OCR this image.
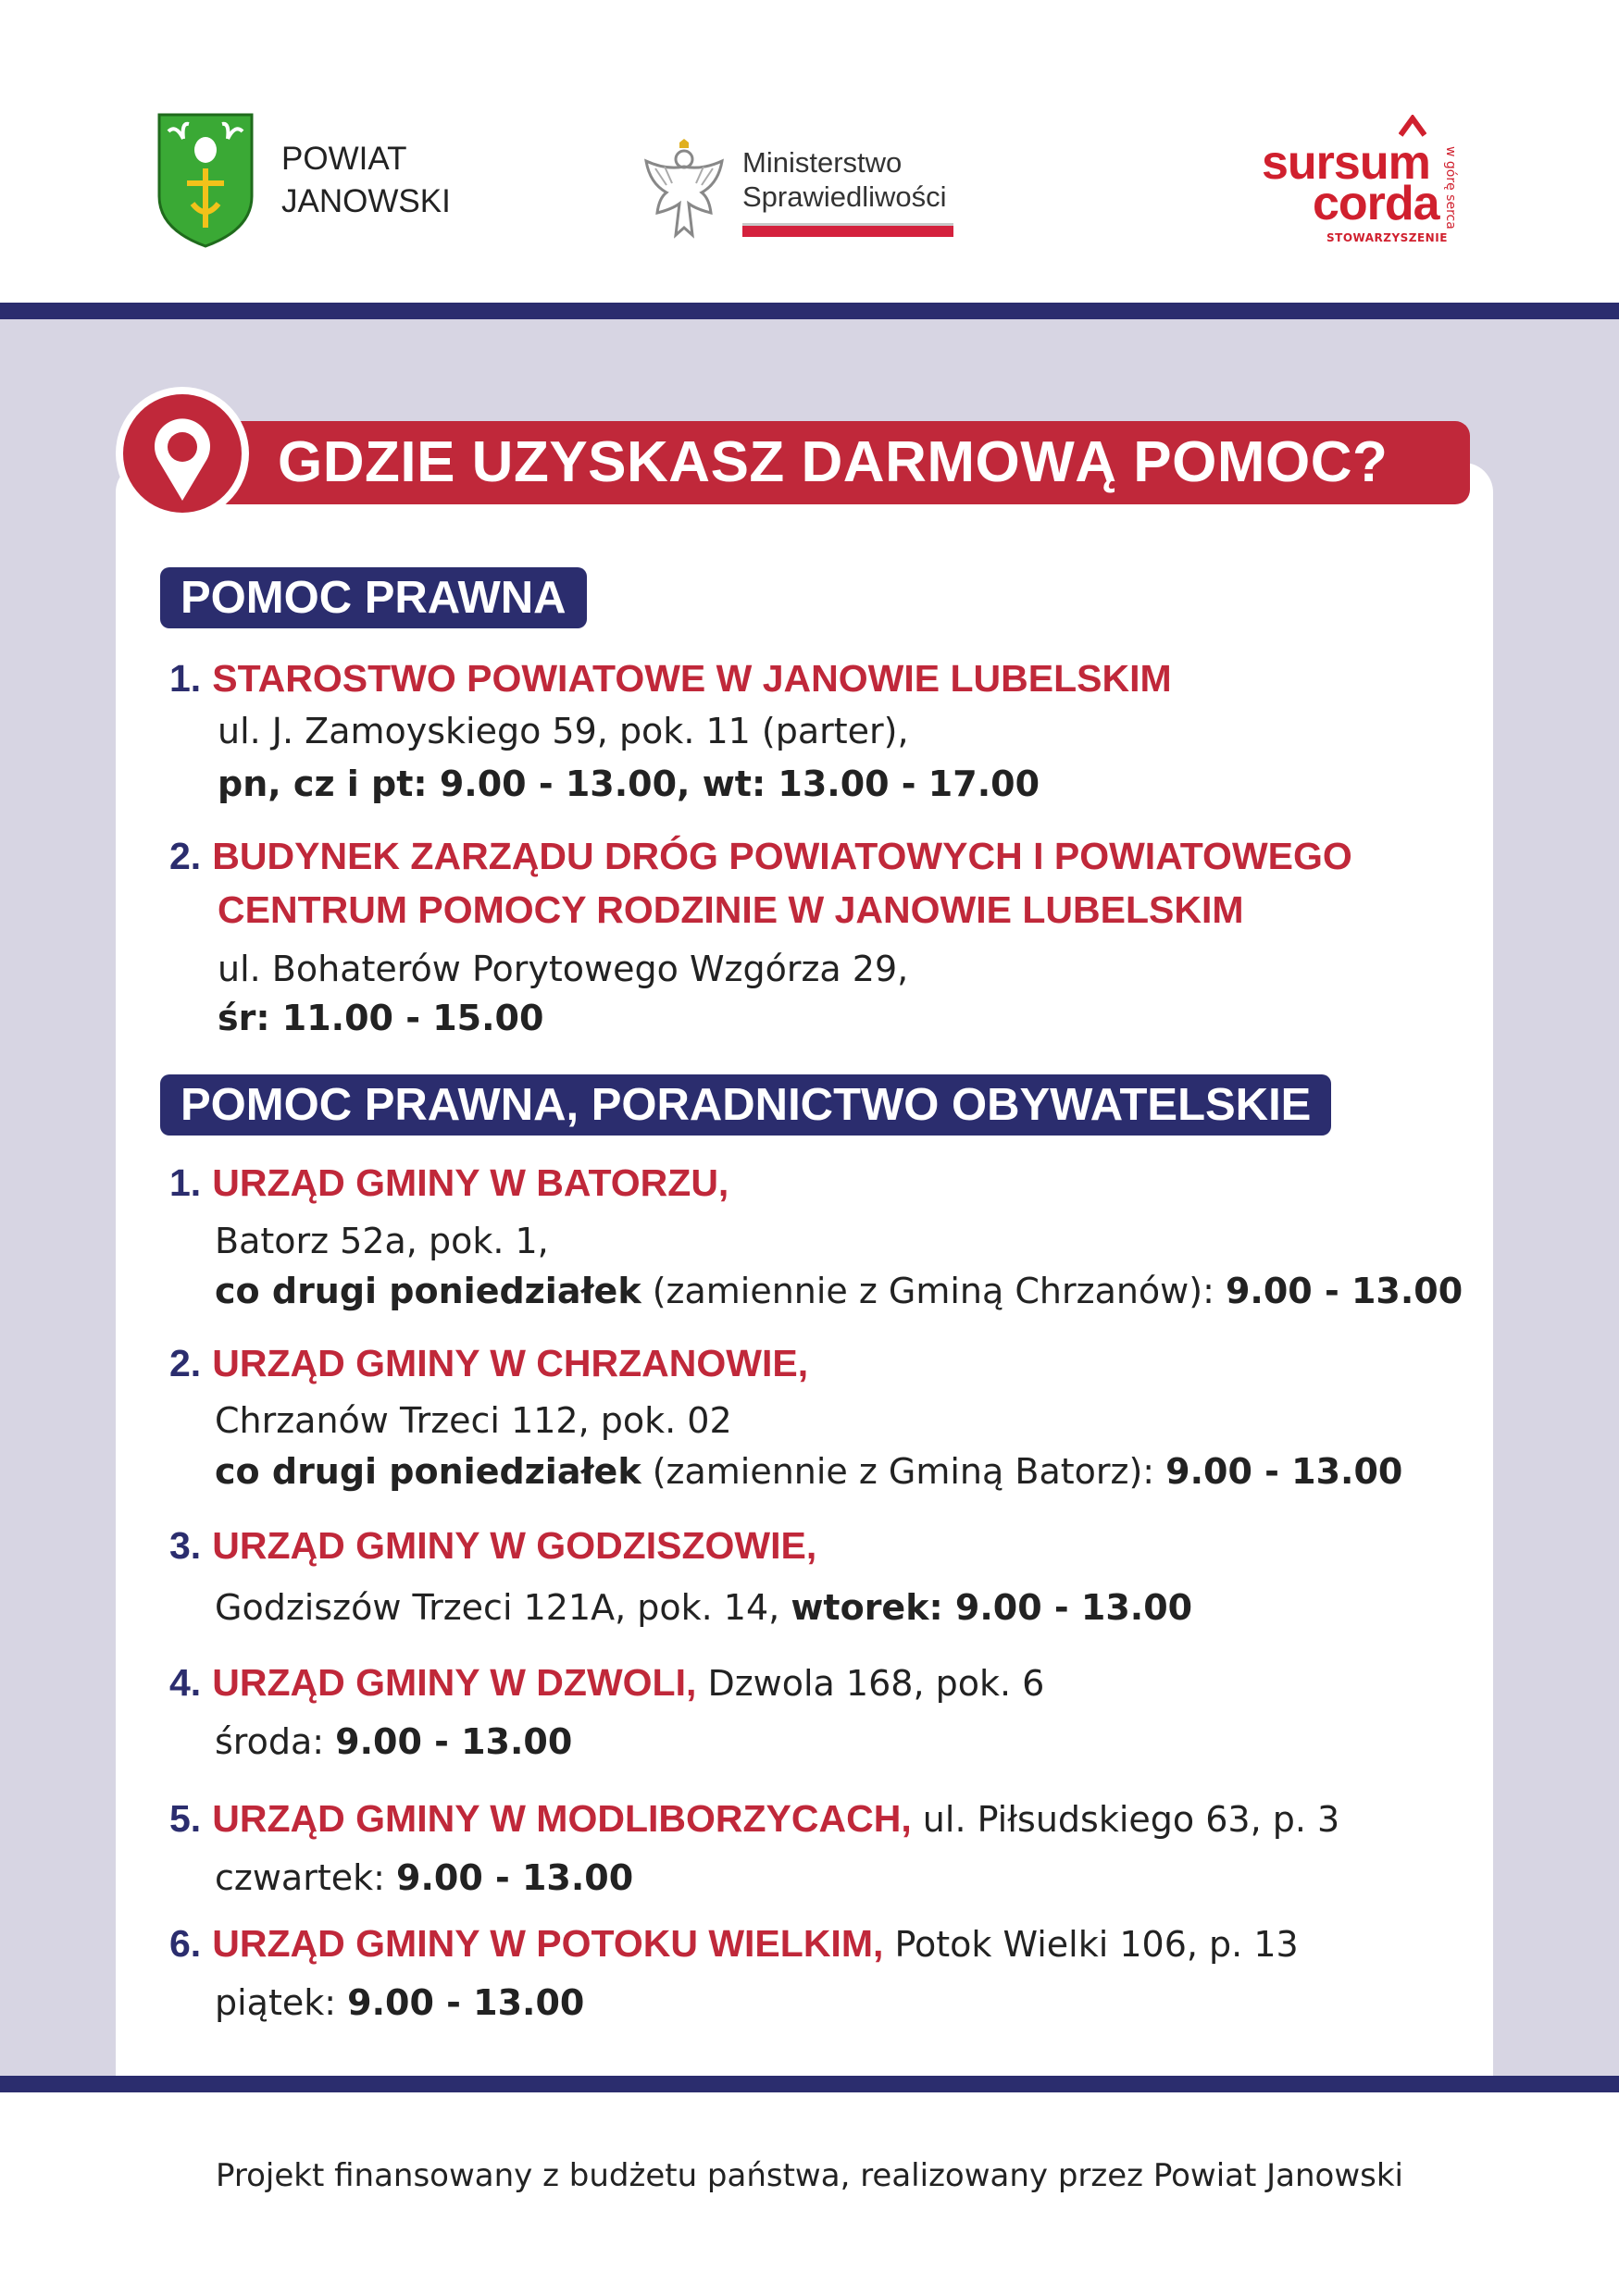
POWIAT
JANOWSKI
Ministerstwo
Sprawiedliwości
sursum
corda
STOWARZYSZENIE
w górę serca
GDZIE UZYSKASZ DARMOWĄ POMOC?
POMOC PRAWNA
1. STAROSTWO POWIATOWE W JANOWIE LUBELSKIM
ul. J. Zamoyskiego 59, pok. 11 (parter),
pn, cz i pt: 9.00 - 13.00, wt: 13.00 - 17.00
2. BUDYNEK ZARZĄDU DRÓG POWIATOWYCH I POWIATOWEGO
CENTRUM POMOCY RODZINIE W JANOWIE LUBELSKIM
ul. Bohaterów Porytowego Wzgórza 29,
śr: 11.00 - 15.00
POMOC PRAWNA, PORADNICTWO OBYWATELSKIE
1. URZĄD GMINY W BATORZU,
Batorz 52a, pok. 1,
co drugi poniedziałek (zamiennie z Gminą Chrzanów): 9.00 - 13.00
2. URZĄD GMINY W CHRZANOWIE,
Chrzanów Trzeci 112, pok. 02
co drugi poniedziałek (zamiennie z Gminą Batorz): 9.00 - 13.00
3. URZĄD GMINY W GODZISZOWIE,
Godziszów Trzeci 121A, pok. 14, wtorek: 9.00 - 13.00
4. URZĄD GMINY W DZWOLI, Dzwola 168, pok. 6
środa: 9.00 - 13.00
5. URZĄD GMINY W MODLIBORZYCACH, ul. Piłsudskiego 63, p. 3
czwartek: 9.00 - 13.00
6. URZĄD GMINY W POTOKU WIELKIM, Potok Wielki 106, p. 13
piątek: 9.00 - 13.00
Projekt finansowany z budżetu państwa, realizowany przez Powiat Janowski
